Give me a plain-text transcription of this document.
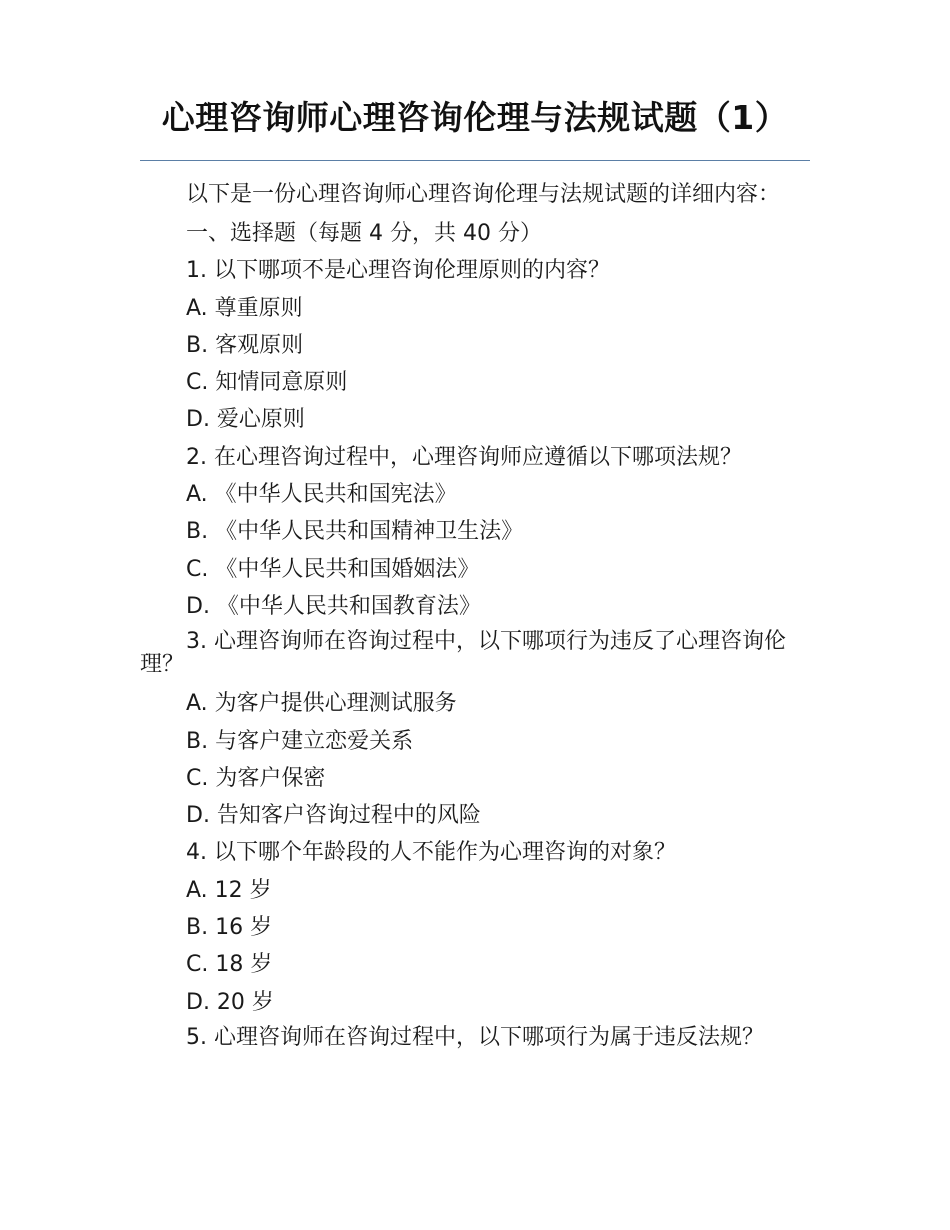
心理咨询师心理咨询伦理与法规试题（1）

以下是一份心理咨询师心理咨询伦理与法规试题的详细内容：

一、选择题（每题 4 分，共 40 分）

1. 以下哪项不是心理咨询伦理原则的内容？

A. 尊重原则

B. 客观原则

C. 知情同意原则

D. 爱心原则

2. 在心理咨询过程中，心理咨询师应遵循以下哪项法规？

A. 《中华人民共和国宪法》

B. 《中华人民共和国精神卫生法》

C. 《中华人民共和国婚姻法》

D. 《中华人民共和国教育法》

3. 心理咨询师在咨询过程中，以下哪项行为违反了心理咨询伦理？

A. 为客户提供心理测试服务

B. 与客户建立恋爱关系

C. 为客户保密

D. 告知客户咨询过程中的风险

4. 以下哪个年龄段的人不能作为心理咨询的对象？

A. 12 岁

B. 16 岁

C. 18 岁

D. 20 岁

5. 心理咨询师在咨询过程中，以下哪项行为属于违反法规？
